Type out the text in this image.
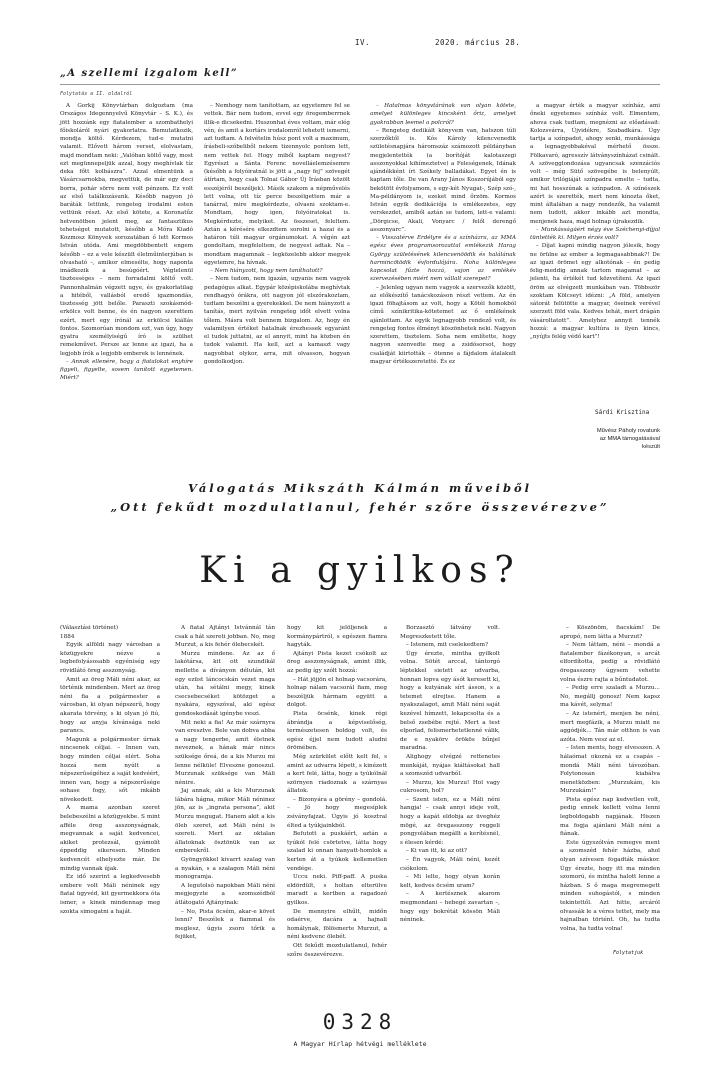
IV.	2020. március 28.
„A szellemi izgalom kell”
Folytatás a II. oldalról

A Gorkij Könyvtárban dolgoztam (ma Országos Idegennyelvű Könyvtár – S. K.), és jött hozzánk egy fiatalember a szombathelyi főiskoláról nyári gyakorlatra. Bemutatkozik, mondja költő. Kérdezem, tud-e mutatni valamit. Elővett három verset, elolvastam, majd mondtam neki: „Valóban költő vagy, most ezt megünnepeljük azzal, hogy meghívlak tíz deka főtt kolbászra”. Azzal elmentünk a Vásárcsarnokba, megvettük, de már egy deci borra, pohár sörre nem volt pénzem. Ez volt az első találkozásunk. Később nagyon jó baráták lettünk, rengeteg irodalmi esten vettünk részt. Az első kötete, a Koronatűz hetvenötben jelent meg, az fantasztikus tehetséget mutatott, később a Móra Kiadó Kozmosz Könyvek sorozatában ő lett Kormos István utóda. Ami megdöbbentett engem később – ez a vele készült életműinterjúban is olvasható –, amikor elmesélte, hogy naponta imádkozik a besúgóért. Végtelenül tisztességes – nem forradalmi költő volt. Pannonhalmán végzett ugye, és gyakorlatilag a hitéből, vallásból eredő igazmondás, tisztesség jött belőle. Paraszti szokásmód-erkölcs volt benne, és én nagyon szerettem ezért, mert egy írónál az erkölcsi kiállás fontos. Szomorúan mondom ezt, van úgy, hogy gyatra személyiségű író is szülhet remekművet. Persze az lenne az igazi, ha a legjobb írók a legjobb emberek is lennének.

– Annak ellenére, hogy a fiatalokat enyhíre figyeli, figyelte, sosem tanított egyetemen. Miért?

– Nemhogy nem tanítottam, az egyetemre fel se vettek. Bár nem tudom, evvel egy öregemberrnek illik-e dicsekedni. Huszonhat éves voltam, már elég vén, és amit a kortárs irodalomról lehetett ismerni, azt tudtam. A felvételin húsz pont volt a maximum, írásbeli-szóbeliből nekem tizennyolc pontom lett, nem vettek fel. Hogy miből kaptam negyest? Egyrészt a Sánta Ferenc novelláelemzésemre (később a folyóiratnál is jött a „nagy fej” szövegét átírtam, hogy csak Tolnai Gábor Új Írásban közölt esszéjéről beszéljek). Másik szakom a népművelés lett volna, ott tíz perce beszélgettem már a tanárral, mire megkérdezte, olvasni szoktam-e. Mondtam, hogy igen, folyóiratokat is. Megkérdezte, melyiket. Az összeset, feleltem. Aztán a kérésére elkezdtem sorolni a hazai és a határon túli magyar orgánumokat. A végén azt gondoltam, megfeleltem, de negyest adtak. Na – mondtam magamnak – legközelebb akkor megyek egyetemre, ha hívnak.

– Nem hiányzott, hogy nem taníthatott?

– Nem tudom, nem igazán, ugyanis nem vagyok pedagógus alkat. Egypár középiskolába meghívtak rendhagyó órákra, ott nagyon jól elszórakoztam, tudtam beszélni a gyerekekkel. De nem hiányzott a tanítás, mert nyilván rengeteg időt elvett volna tőlem. Másra volt bennem bizgalom. Az, hogy én valamilyen értéket hatalnak érezhessek egyaránt el tudok juttatni, az el annyit, mint ha közben én tudok valamit. Ha kell, azt a kamaszt vagy nagyobbat olykor, arra, mit olvasson, hogyan gondolkodjon.

– Hatalmas könyvtárának van olyan kötete, amelyet különleges kincsként őriz, amelyet gyakrabban leemel a polcról?

– Rengeteg dedikált könyvem van, hatszon túli szerzőktől is. Kós Károly kilencvenedik születésnapjára háromszáz számozott példányban megjelentették (a borítóját kalotaszegi asszonyokkal kihímeztetve) a Feleségenek, Idának ajándékként írt Székely balladákat. Egyet én is kaptam tőle. De van Arany János Koszorújából egy bekötött évfolyamom, s egy-két Nyugat-, Szép szó-, Ma-példányom is, ezeket mind őrzöm. Kormos István egyik dedikációja is emlékezetes, egy verskezdet, amiből aztán se tudom, lett-e valami: „Dörgicse, Akali, Vonyarc / felől derengő asszonyarc”.

– Visszatérve Erdélyre és a színházra, az MMA egész éves programsorozattal emlékezik Harag György születésének kilencvenöödik és halálának harmincötödik évfordulójára. Noha különleges kapcsolat fűzte hozzá, vajon az emlékév szervezésében miért nem vállalt szerepet?

– Jelenleg ugyan nem vagyok a szervezők között, az előkészítő tanácskozáson részt vettem. Az én igazi föhajtásom az volt, hogy a Kötél homokból című színikritika-kötetemet az ő emlékének ajánlottam. Az egyik legnagyobb rendező volt, és rengeteg fontos élményt köszönhetek neki. Nagyon szerettem, tisztelem. Soha nem említette, hogy nagyon szenvedte meg a zsidósorsot, hogy családját kiirtották – ötenne a fájdalom átalakult magyar értékszeretetté. És ez

a magyar érték a magyar színház, ami őneki egyetemes színház volt. Elmentem, ahova csak tudtam, megnézni az előadásait: Kolozsvárra, Újvidékre, Szabadkára. Úgy tartja a színpadot, ahogy senki, munkássága a legnagyobbakéval mérhető össze. Fölkavaró, agresszív látványszínházat csinált. A szövegglondozása ugyancsak szenzációs volt – még Sütő szövegébe is belenyúlt, amikor trilógiáját színpadra emelte – tudta, mi hat hosszúnak a színpadon. A színészek azért is szerették, mert nem kínozta őket, mint általában a nagy rendezők, ha valamit nem tudott, akkor inkább azt mondta, menjenek haza, majd holnap újrakezdik.

– Munkásságáért négy éve Széchenyi-díjjal tüntették ki. Milyen érzés volt?

– Díjat kapni mindig nagyon jólesik, hogy ne örülne az ember a legmagasabbnak?! De az igazi örömet egy alkotónak – én pedig felig-meddig annak tartom magamat – az jelenti, ha értékét tud közvetíteni. Az igazi öröm az elvégzett munkában van. Többször szoktam Kölcseyt idézni: „A föld, amelyen sátorát felütötte a magyar, öseinek verével szerzett föld vala. Kedves tehát, mert drágán vásároltatott”. Amelyhez annyit tennék hozzá: a magyar kultúra is ilyen kincs, „nyújts felég védő kart”!

Sárdi Krisztina
Művész Páholy rovatunk
az MMA támogatásával készült
Válogatás Mikszáth Kálmán műveiből
„Ott fekűdt mozdulatlanul, fehér szőre összevérezve”
Ki a gyilkos?

(Választási történet)

1884

Egyik alföldi nagy városban a közügyekre nézve a legbefolyásosabb egyéniség egy rövidlátó öreg asszonyság.

Amit az öreg Máli néni akar, az történik mindenben. Mert az öreg néni fia a polgármester a városban, ki olyan népszerű, hogy akarata törvény, s ki olyan jó fiú, hogy az anyja kívánsága neki parancs.

Magunk a polgármester úrnak nincsenek céljai. – Innen van, hogy minden céljai elért. Soha hozzá nem nyúlt a népszerűségéhez a saját kedvéért, innen van, hogy a népszerűsége sohase fogy, sőt inkább növekedett.

A mama azonban szeret belebeszélni a közügyekbe. S mint afféle öreg asszonyságnak, megvannak a saját kedvencei, akiket protezsál, gyámolít éppeddig sikeresen. Minden kedvencét elhelyezte már. De mindig vannak újak.

Ez idő szerint a legkedvesebb embere volt Máli néninek egy fiatal ügyvéd, kit gyermekkora óta ismer, s kinek mindennap meg szokta simogatni a haját.

A fiatal Ajtányi Istvánnál tán csak a hát szereti jobban. No, meg Murzut, a kis fehér ölebecskét.

Murzu mindene. Az az ő lakótársa, kit ott szundikál mellette a díványon délután, kit egy ezüst láncocskán vezet maga után, ha sétálni megy, kinek csecsebecséket kötözget a nyakára, egyszóval, aki egész gondoskodását igénybe veszi.

Mit neki a fia! Az már szárnyra van eresztve. Bele van dobva abba a nagy tengerbe, amit életnek neveznek, a hának már nincs szüksége őreá, de a kis Murzu mi lenne nélküle! Elveszne gonoszul. Murzunak szüksége van Máli nénire.

Jaj annak, aki a kis Murzunak lábára hágna, mikor Máli néninez jön, az is „ingrata persona”, akit Murzu megugat. Hanem akit a kis öleb szeret, azt Máli néni is szereti. Mert az oktalan állatoknak ösztönük van az emberekről.

Gyöngyökkel kivarrt szalag van a nyakán, s a szalagon Máli néni monogramja.

A legutolsó napokban Máli néni megjegyzte a szomszédból átlátogató Ajtányinak:

– No, Pista öcsém, akar-e követ lenni? Beszélek a fiammal és meglesz, úgyis zsoro tőrik a fejüket,

hogy kit jelöljenek a kormánypártról, s egészen fiamra hagyták.

Ajtányi Pista kezet csókolt az öreg asszonyságnak, amint illik, az pedig így szólt hozzá:

– Hát jöjjön el holnap vacsorára, holnap nálam vacsorál fiam, meg beszéljük hármam együtt a dolgot.

Pista öcsénk, kinek régi ábrándja a képviselőség, természetesen boldog volt, és egész éjjel nem tudott aludni örömében.

Még szürkület előtt kelt fel, s amint az udvarra lépett, s kinézett a kert felé, látta, hogy a tyúkólnál szörnyen riadoznak a szárnyas állatok.

– Bizonyára a görény – gondolá. – Jó hogy megesíplek zsiványfajzat. Úgyis jó kosztral élted a tyúkjainkból.

Befutott a puskáért, aztán a tyúkól felé csörtetve, látta hogy szalad ki onnan hanyatt-homlok a kerten át a tyúkok kellemetlen vendége.

Uccu neki. Piff-paff. A puska eldördült, s holtan elterülve maradt a kertben a ragadozó gyilkos.

De mennyire elhűlt, midőn odaérve, dacára a hajnali homálynak, fölösmerte Murzut, a néni kedvenc ölebét.

Ott fekűdt mozdulatlanul, fehér szőre összevérezve.

Borzasztó látvány volt. Megreszketett tőle.

– Istenem, mit cselekedtem?

Úgy érezte, mintha gyilkolt volna. Sötét arccal, tántorgó léptekkel sietett az udvarba, honnan lopva egy ásót keresett ki, hogy a kutyának sírt ásson, s a tetemet elrejtse. Hanem a nyakszalagot, amit Máli néni saját kezével hímzett, lekapcsolta és a belső zsebébe rejté. Mert a test elporlad, felismerhetetlenné válik, de e nyakörv örökös bűnjel maradna.

Alighogy elvégzé rettenetes munkáját, nyájas kiáltásokat hall a szomszéd udvarból.

– Murzu, kis Murzu! Hol vagy cukrosom, hol?

– Szent isten, ez a Máli néni hangja! – csak annyi ideje volt, hogy a kapát eldobja az üveghéz mögé, az öregasszony reggeli pongyolában megállt a kerítésnél, s élesen kérdé:

– Ki van itt, ki az ott?

– Én vagyok, Máli néni, kezét csókolom.

– Mi lelte, hogy olyan korán kelt, kedves öcsém uram?

– A kertésznek akarom megmondani – hebegé zavartan –, hogy egy bokrétát kössön Máli néninek.

– Köszönöm, fiacskám! De apropó, nem látta a Murzut?

– Nem láttam, néni – mondá a fiatalember fázékonyan, s arcát elfordította, pedig a rövidlátó öregasszony úgysem vehette volna észre rajta a bűntudatot.

– Pedig erre szaladt a Murzu... No, megállj gonosz! Nem kapsz ma kávét, selyma!

– Az istenért, menjen be néni, mert megfázik, a Murzu miatt ne aggódjék... Tán már otthon is van azóta. Nem vesz az el.

– Isten ments, hogy elvesszen. A hálaómat okozná ez a csapás – mondá Máli néni távozóban. Folytonosan kiabálva menetközben: „Murzukám, kis Murzukám!”

Pista egész nap kedvetlen volt, pedig ennek kellett volna lenni legboldogabb napjának. Hiszen ma fogja ajánlani Máli néni a fiának.

Este úgyszólván remegve ment a szomszéd fehér házba, ahol olyan szívesen fogadták máskor. Úgy érezte, hogy itt ma minden szomorú, és mintha halott lenne a házban. S ő maga megremegett minden suhogástól, s minden tekintettől. Azt hitte, arcáról olvassák le a véres tettet, mely ma hajnalban történt. Oh, ha tudta volna, ha tudta volna!

Folytatjuk
0328
A Magyar Hírlap hétvégi melléklete
